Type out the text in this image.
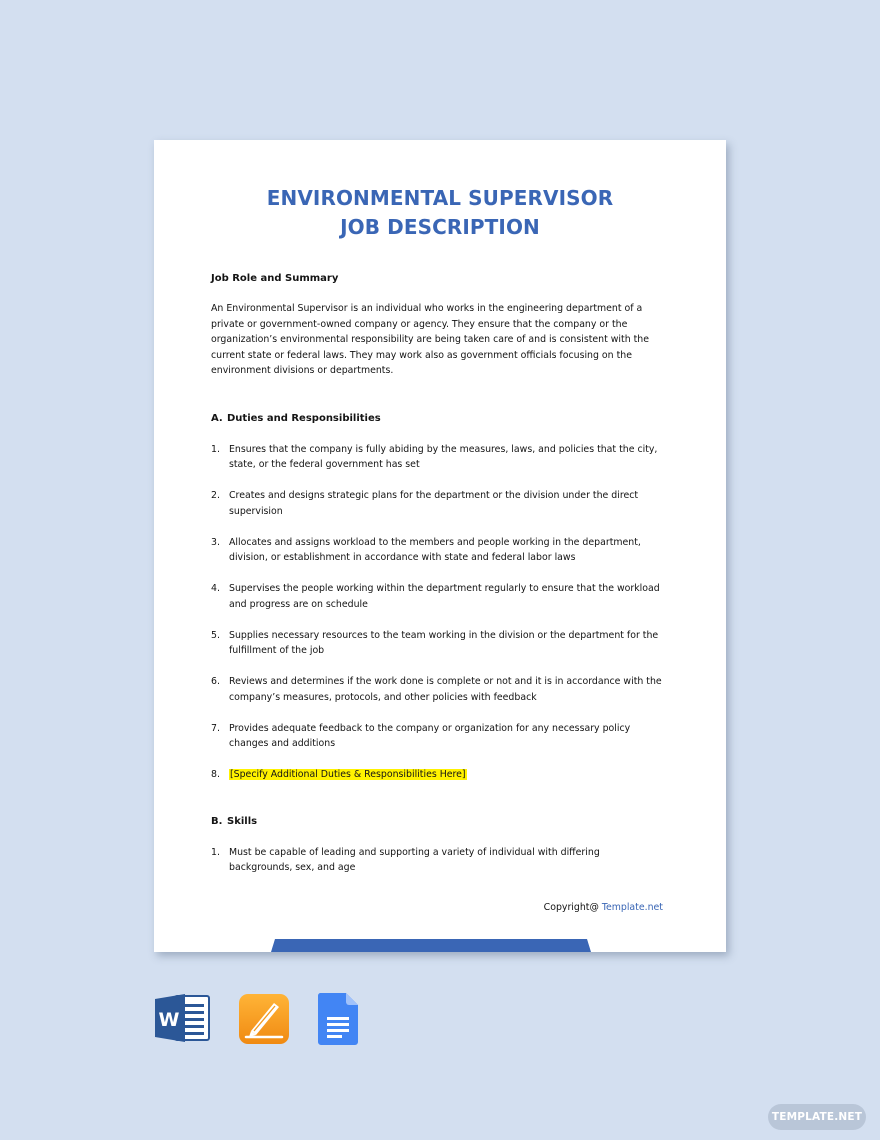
ENVIRONMENTAL SUPERVISOR
JOB DESCRIPTION
Job Role and Summary

An Environmental Supervisor is an individual who works in the engineering department of a private or government-owned company or agency. They ensure that the company or the organization’s environmental responsibility are being taken care of and is consistent with the current state or federal laws. They may work also as government officials focusing on the environment divisions or departments.

A. Duties and Responsibilities
1. Ensures that the company is fully abiding by the measures, laws, and policies that the city, state, or the federal government has set
2. Creates and designs strategic plans for the department or the division under the direct supervision
3. Allocates and assigns workload to the members and people working in the department, division, or establishment in accordance with state and federal labor laws
4. Supervises the people working within the department regularly to ensure that the workload and progress are on schedule
5. Supplies necessary resources to the team working in the division or the department for the fulfillment of the job
6. Reviews and determines if the work done is complete or not and it is in accordance with the company’s measures, protocols, and other policies with feedback
7. Provides adequate feedback to the company or organization for any necessary policy changes and additions
8.	[Specify Additional Duties & Responsibilities Here]
B. Skills
1. Must be capable of leading and supporting a variety of individual with differing backgrounds, sex, and age
Copyright@ Template.net
W
TEMPLATE.NET
